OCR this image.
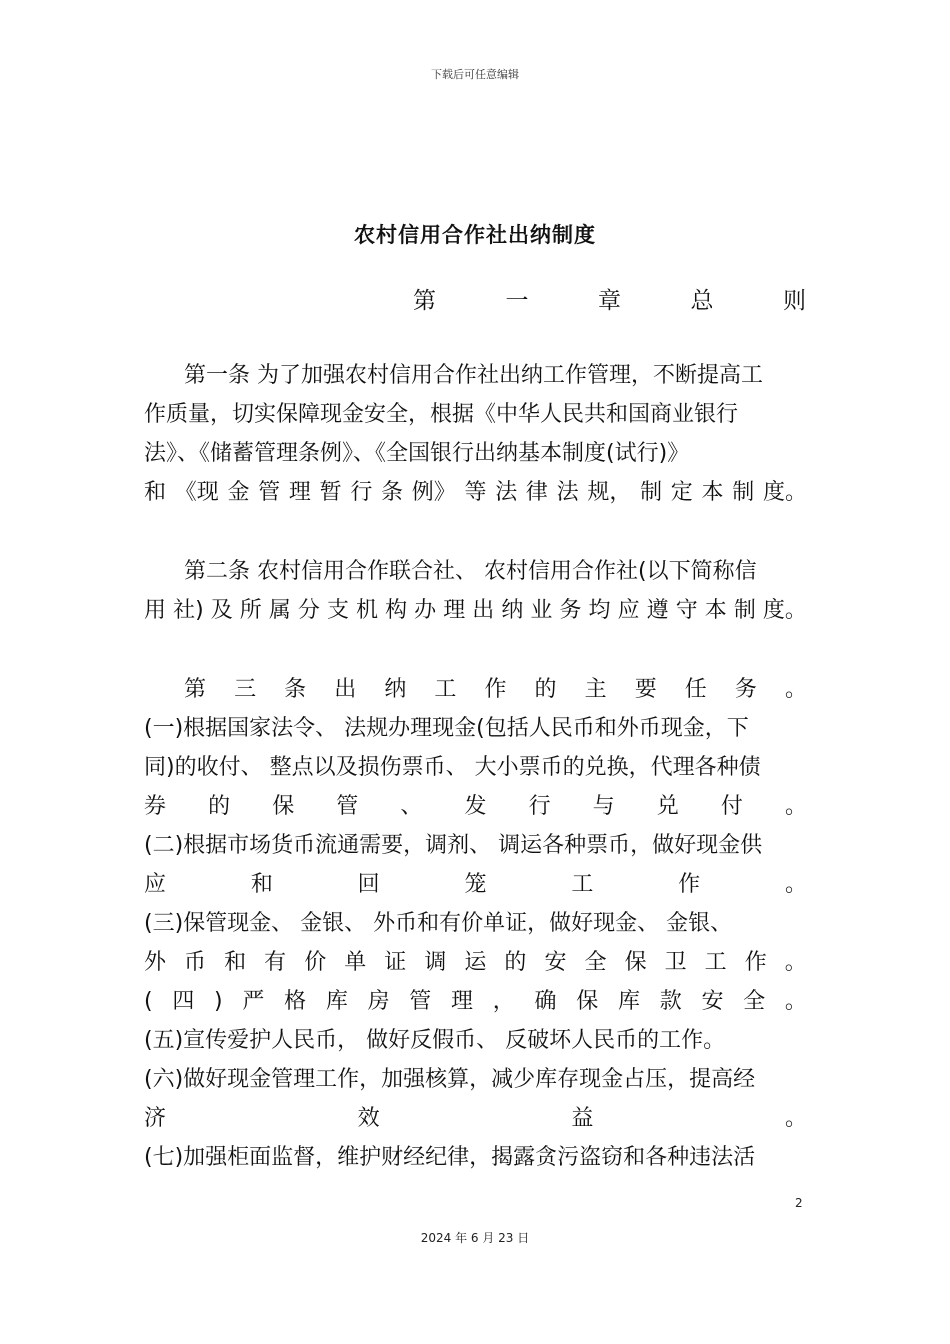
下载后可任意编辑
农村信用合作社出纳制度
第	一	章	总	则
第一条 为了加强农村信用合作社出纳工作管理，不断提高工
作质量，切实保障现金安全，根据《中华人民共和国商业银行
法》、《储蓄管理条例》、《全国银行出纳基本制度(试行)》
和 《现 金 管 理 暂 行 条 例》 等 法 律 法 规， 制 定 本 制 度。
第二条 农村信用合作联合社、 农村信用合作社(以下简称信
用 社) 及 所 属 分 支 机 构 办 理 出 纳 业 务 均 应 遵 守 本 制 度。
第 三 条 出 纳 工 作 的 主 要 任 务 。
(一)根据国家法令、 法规办理现金(包括人民币和外币现金，下
同)的收付、 整点以及损伤票币、 大小票币的兑换，代理各种债
券 的 保 管 、 发 行 与 兑 付 。
(二)根据市场货币流通需要，调剂、 调运各种票币，做好现金供
应	和	回	笼	工	作	。
(三)保管现金、 金银、 外币和有价单证，做好现金、 金银、
外 币 和 有 价 单 证 调 运 的 安 全 保 卫 工 作 。
( 四 ) 严 格 库 房 管 理 ， 确 保 库 款 安 全 。
(五)宣传爱护人民币， 做好反假币、 反破坏人民币的工作。
(六)做好现金管理工作，加强核算，减少库存现金占压，提高经
济	效	益	。
(七)加强柜面监督，维护财经纪律，揭露贪污盗窃和各种违法活
2
2024 年 6 月 23 日
